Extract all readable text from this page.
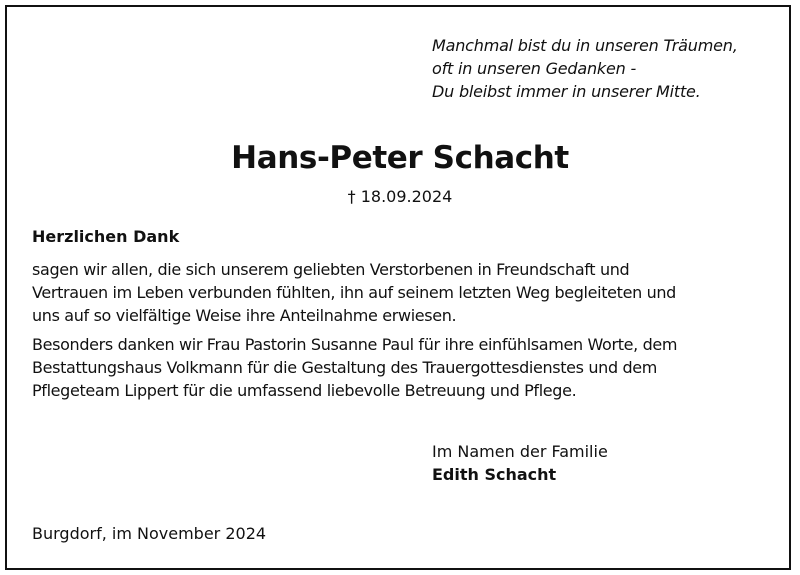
Manchmal bist du in unseren Träumen,
oft in unseren Gedanken -
Du bleibst immer in unserer Mitte.
Hans-Peter Schacht
† 18.09.2024
Herzlichen Dank
sagen wir allen, die sich unserem geliebten Verstorbenen in Freundschaft und
Vertrauen im Leben verbunden fühlten, ihn auf seinem letzten Weg begleiteten und
uns auf so vielfältige Weise ihre Anteilnahme erwiesen.
Besonders danken wir Frau Pastorin Susanne Paul für ihre einfühlsamen Worte, dem
Bestattungshaus Volkmann für die Gestaltung des Trauergottesdienstes und dem
Pflegeteam Lippert für die umfassend liebevolle Betreuung und Pflege.
Im Namen der Familie
Edith Schacht
Burgdorf, im November 2024
